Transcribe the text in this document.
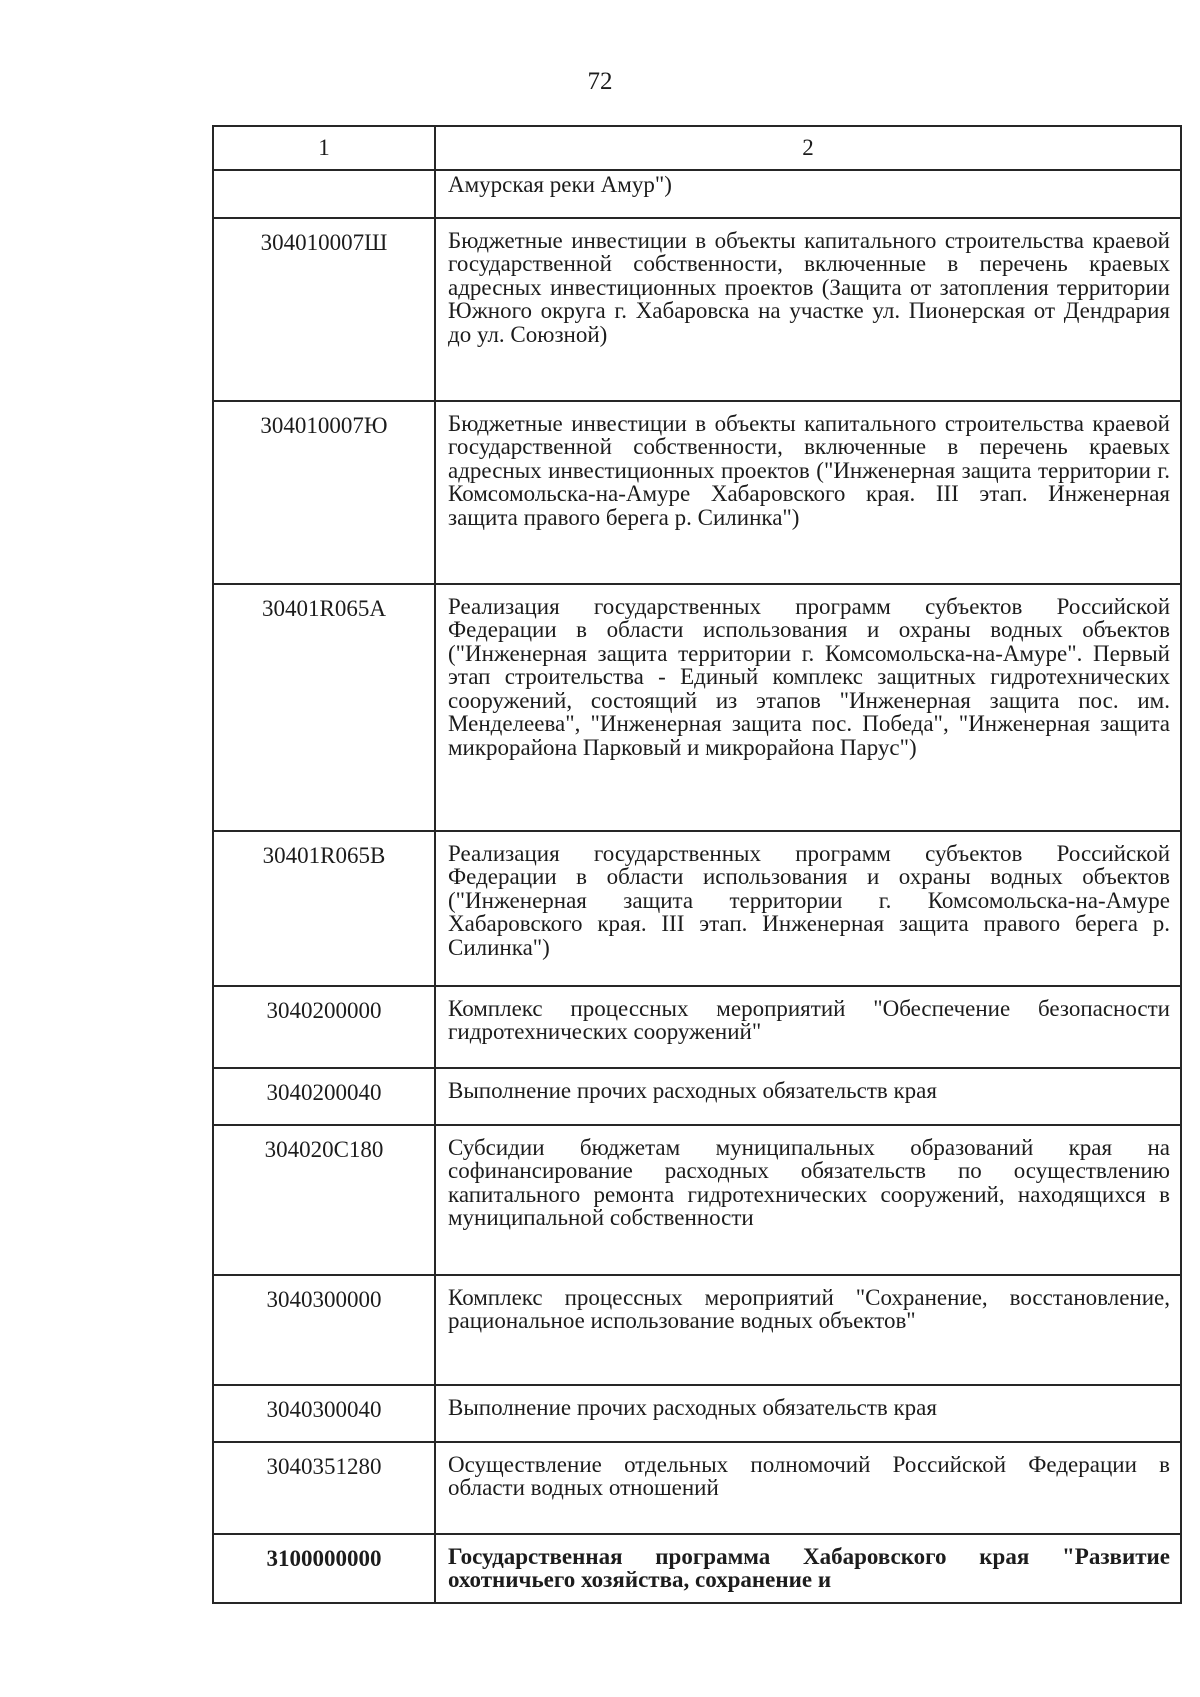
72
1	2
	Амурская реки Амур")
304010007Ш	Бюджетные инвестиции в объекты капитального строительства краевой государственной собственности, включенные в перечень краевых адресных инвестиционных проектов (Защита от затопления территории Южного округа г. Хабаровска на участке ул. Пионерская от Дендрария до ул. Союзной)
304010007Ю	Бюджетные инвестиции в объекты капитального строительства краевой государственной собственности, включенные в перечень краевых адресных инвестиционных проектов ("Инженерная защита территории г. Комсомольска-на-Амуре Хабаровского края. III этап. Инженерная защита правого берега р. Силинка")
30401R065A	Реализация государственных программ субъектов Российской Федерации в области использования и охраны водных объектов ("Инженерная защита территории г. Комсомольска-на-Амуре". Первый этап строительства - Единый комплекс защитных гидротехнических сооружений, состоящий из этапов "Инженерная защита пос. им. Менделеева", "Инженерная защита пос. Победа", "Инженерная защита микрорайона Парковый и микрорайона Парус")
30401R065B	Реализация государственных программ субъектов Российской Федерации в области использования и охраны водных объектов ("Инженерная защита территории г. Комсомольска-на-Амуре Хабаровского края. III этап. Инженерная защита правого берега р. Силинка")
3040200000	Комплекс процессных мероприятий "Обеспечение безопасности гидротехнических сооружений"
3040200040	Выполнение прочих расходных обязательств края
304020C180	Субсидии бюджетам муниципальных образований края на софинансирование расходных обязательств по осуществлению капитального ремонта гидротехнических сооружений, находящихся в муниципальной собственности
3040300000	Комплекс процессных мероприятий "Сохранение, восстановление, рациональное использование водных объектов"
3040300040	Выполнение прочих расходных обязательств края
3040351280	Осуществление отдельных полномочий Российской Федерации в области водных отношений
3100000000	Государственная программа Хабаровского края "Развитие охотничьего хозяйства, сохранение и
